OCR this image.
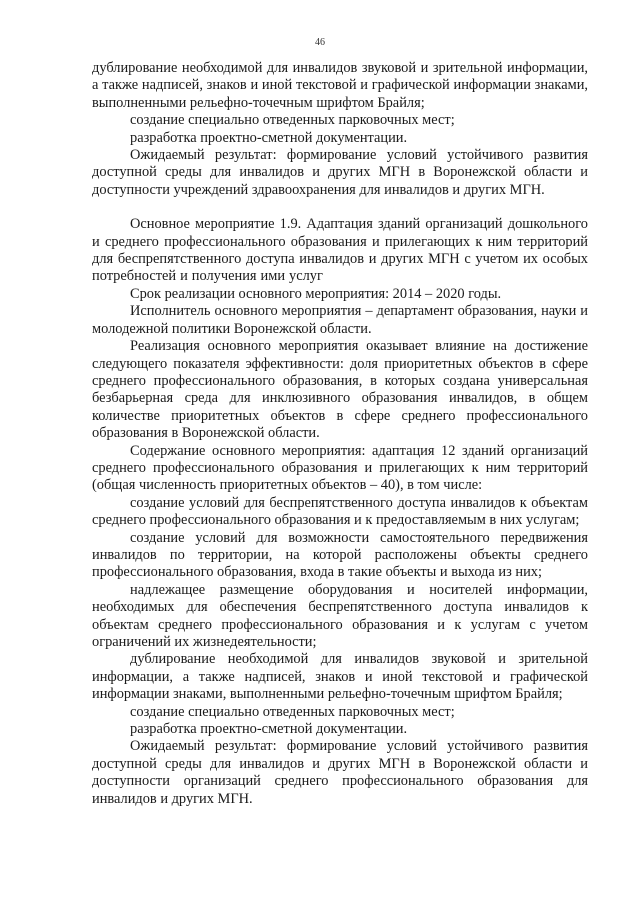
46

дублирование необходимой для инвалидов звуковой и зрительной информации, а также надписей, знаков и иной текстовой и графической информации знаками, выполненными рельефно-точечным шрифтом Брайля;

создание специально отведенных парковочных мест;

разработка проектно-сметной документации.

Ожидаемый результат: формирование условий устойчивого развития доступной среды для инвалидов и других МГН в Воронежской области и доступности учреждений здравоохранения для инвалидов и других МГН.

Основное мероприятие 1.9. Адаптация зданий организаций дошкольного и среднего профессионального образования и прилегающих к ним территорий для беспрепятственного доступа инвалидов и других МГН с учетом их особых потребностей и получения ими услуг

Срок реализации основного мероприятия: 2014 – 2020 годы.

Исполнитель основного мероприятия – департамент образования, науки и молодежной политики Воронежской области.

Реализация основного мероприятия оказывает влияние на достижение следующего показателя эффективности: доля приоритетных объектов в сфере среднего профессионального образования, в которых создана универсальная безбарьерная среда для инклюзивного образования инвалидов, в общем количестве приоритетных объектов в сфере среднего профессионального образования в Воронежской области.

Содержание основного мероприятия: адаптация 12 зданий организаций среднего профессионального образования и прилегающих к ним территорий (общая численность приоритетных объектов – 40), в том числе:

создание условий для беспрепятственного доступа инвалидов к объектам среднего профессионального образования и к предоставляемым в них услугам;

создание условий для возможности самостоятельного передвижения инвалидов по территории, на которой расположены объекты среднего профессионального образования, входа в такие объекты и выхода из них;

надлежащее размещение оборудования и носителей информации, необходимых для обеспечения беспрепятственного доступа инвалидов к объектам среднего профессионального образования и к услугам с учетом ограничений их жизнедеятельности;

дублирование необходимой для инвалидов звуковой и зрительной информации, а также надписей, знаков и иной текстовой и графической информации знаками, выполненными рельефно-точечным шрифтом Брайля;

создание специально отведенных парковочных мест;

разработка проектно-сметной документации.

Ожидаемый результат: формирование условий устойчивого развития доступной среды для инвалидов и других МГН в Воронежской области и доступности организаций среднего профессионального образования для инвалидов и других МГН.
